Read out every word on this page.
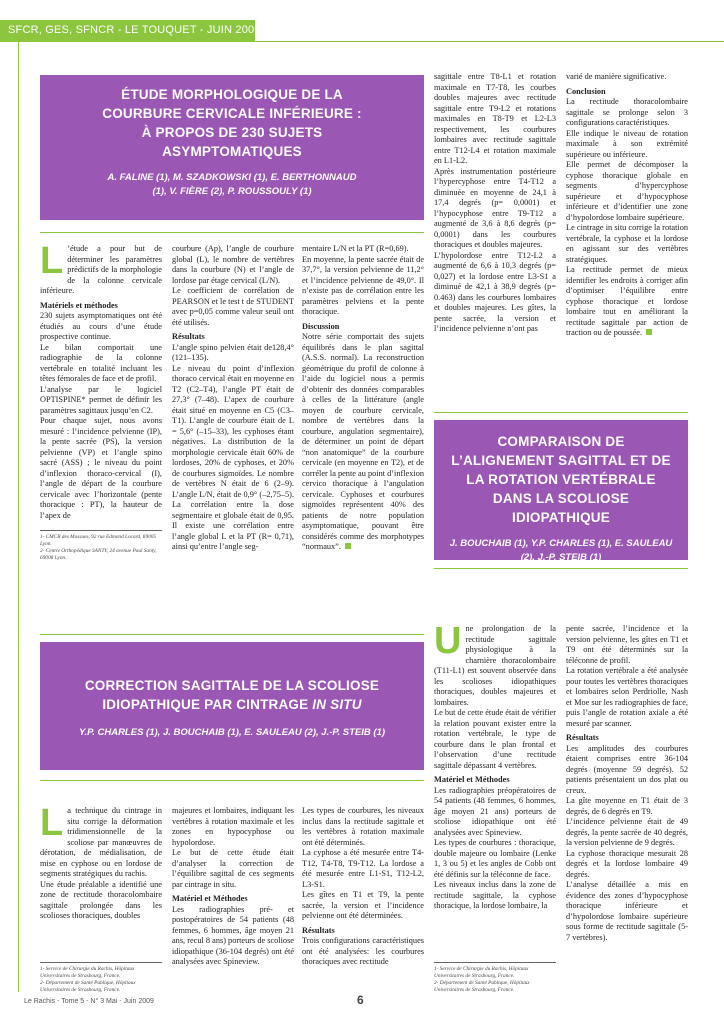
SFCR, GES, SFNCR - LE TOUQUET - JUIN 2009
ÉTUDE MORPHOLOGIQUE DE LA COURBURE CERVICALE INFÉRIEURE : À PROPOS DE 230 SUJETS ASYMPTOMATIQUES
A. FALINE (1), M. SZADKOWSKI (1), E. BERTHONNAUD (1), V. FIÈRE (2), P. ROUSSOULY (1)
L ’étude a pour but de déterminer les paramètres prédictifs de la morphologie de la colonne cervicale inférieure.

Matériels et méthodes

230 sujets asymptomatiques ont été étudiés au cours d’une étude prospective continue.

Le bilan comportait une radiographie de la colonne vertébrale en totalité incluant les têtes fémorales de face et de profil.

L’analyse par le logiciel OPTISPINE* permet de définir les paramètres sagittaux jusqu’en C2.

Pour chaque sujet, nous avons mesuré : l’incidence pelvienne (IP), la pente sacrée (PS), la version pelvienne (VP) et l’angle spino sacré (ASS) ; le niveau du point d’inflexion thoraco-cervical (I), l’angle de départ de la courbure cervicale avec l’horizontale (pente thoracique : PT), la hauteur de l’apex de

1- CMCR des Massues, 92 rue Edmond Locard, 69005 Lyon.
2- Centre Orthopédique SANTY, 24 avenue Paul Santy, 69008 Lyon.

courbure (Ap), l’angle de courbure global (L), le nombre de vertèbres dans la courbure (N) et l’angle de lordose par étage cervical (L/N).

Le coefficient de corrélation de PEARSON et le test t de STUDENT avec p=0,05 comme valeur seuil ont été utilisés.

Résultats

L’angle spino pelvien était de128,4° (121–135).

Le niveau du point d’inflexion thoraco cervical était en moyenne en T2 (C2–T4), l’angle PT était de 27,3° (7–48). L’apex de courbure était situé en moyenne en C5 (C3–T1). L’angle de courbure était de L = 5,6° (–15–33), les cyphoses étant négatives. La distribution de la morphologie cervicale était 60% de lordoses, 20% de cyphoses, et 20% de courbures sigmoïdes. Le nombre de vertèbres N était de 6 (2–9). L’angle L/N, était de 0,9° (–2,75–5). La corrélation entre la dose segmentaire et globale était de 0,95. Il existe une corrélation entre l’angle global L et la PT (R= 0,71), ainsi qu’entre l’angle seg-

mentaire L/N et la PT (R=0,69).

En moyenne, la pente sacrée était de 37,7°, la version pelvienne de 11,2° et l’incidence pelvienne de 49,0°. Il n’existe pas de corrélation entre les paramètres pelviens et la pente thoracique.

Discussion

Notre série comportait des sujets équilibrés dans le plan sagittal (A.S.S. normal). La reconstruction géométrique du profil de colonne à l’aide du logiciel nous a permis d’obtenir des données comparables à celles de la littérature (angle moyen de courbure cervicale, nombre de vertèbres dans la courbure, angulation segmentaire), de déterminer un point de départ “non anatomique” de la courbure cervicale (en moyenne en T2), et de corréler la pente au point d’inflexion cervico thoracique à l’angulation cervicale. Cyphoses et courbures sigmoïdes représentent 40% des patients de notre population asymptomatique, pouvant être considérés comme des morphotypes “normaux”.

sagittale entre T8-L1 et rotation maximale en T7-T8, les courbes doubles majeures avec rectitude sagittale entre T9-L2 et rotations maximales en T8-T9 et L2-L3 respectivement, les courbures lombaires avec rectitude sagittale entre T12-L4 et rotation maximale en L1-L2.

Après instrumentation postérieure l’hypercyphose entre T4-T12 a diminuée en moyenne de 24,1 à 17,4 degrés (p= 0,0001) et l’hypocyphose entre T9-T12 a augmenté de 3,6 à 8,6 degrés (p= 0,0001) dans les courbures thoraciques et doubles majeures.

L’hypolordose entre T12-L2 a augmenté de 6,6 à 10,3 degrés (p= 0,027) et la lordose entre L3-S1 a diminué de 42,1 à 38,9 degrés (p= 0.463) dans les courbures lombaires et doubles majeures. Les gîtes, la pente sacrée, la version et l’incidence pelvienne n’ont pas

varié de manière significative.

Conclusion

La rectitude thoracolombaire sagittale se prolonge selon 3 configurations caractéristiques.

Elle indique le niveau de rotation maximale à son extrémité supérieure ou inférieure.

Elle permet de décomposer la cyphose thoracique globale en segments d’hypercyphose supérieure et d’hypocyphose inférieure et d’identifier une zone d’hypolordose lombaire supérieure.

Le cintrage in situ corrige la rotation vertébrale, la cyphose et la lordose en agissant sur des vertèbres stratégiques.

La rectitude permet de mieux identifier les endroits à corriger afin d’optimiser l’équilibre entre cyphose thoracique et lordose lombaire tout en améliorant la rectitude sagittale par action de traction ou de poussée.

COMPARAISON DE L’ALIGNEMENT SAGITTAL ET DE LA ROTATION VERTÉBRALE DANS LA SCOLIOSE IDIOPATHIQUE
J. BOUCHAIB (1), Y.P. CHARLES (1), E. SAULEAU (2), J.-P. STEIB (1)
U ne prolongation de la rectitude sagittale physiologique à la charnière thoracolombaire (T11-L1) est souvent observée dans les scolioses idiopathiques thoraciques, doubles majeures et lombaires.

Le but de cette étude était de vérifier la relation pouvant exister entre la rotation vertébrale, le type de courbure dans le plan frontal et l’observation d’une rectitude sagittale dépassant 4 vertèbres.

Matériel et Méthodes

Les radiographies préopératoires de 54 patients (48 femmes, 6 hommes, âge moyen 21 ans) porteurs de scoliose idiopathique ont été analysées avec Spineview.

Les types de courbures : thoracique, double majeure ou lombaire (Lenke 1, 3 ou 5) et les angles de Cobb ont été définis sur la téléconne de face.

Les niveaux inclus dans la zone de rectitude sagittale, la cyphose thoracique, la lordose lombaire, la

1- Service de Chirurgie du Rachis, Hôpitaux Universitaires de Strasbourg, France.
2- Département de Santé Publique, Hôpitaux Universitaires de Strasbourg, France.

pente sacrée, l’incidence et la version pelvienne, les gîtes en T1 et T9 ont été déterminés sur la téléconne de profil.

La rotation vertébrale a été analysée pour toutes les vertèbres thoraciques et lombaires selon Perdriolle, Nash et Moe sur les radiographies de face, puis l’angle de rotation axiale a été mesuré par scanner.

Résultats

Les amplitudes des courbures étaient comprises entre 36-104 degrés (moyenne 59 degrés). 52 patients présentaient un dos plat ou creux.

La gîte moyenne en T1 était de 3 degrés, de 6 degrés en T9.

L’incidence pelvienne était de 49 degrés, la pente sacrée de 40 degrés, la version pelvienne de 9 degrés.

La cyphose thoracique mesurait 28 degrés et la lordose lombaire 49 degrés.

L’analyse détaillée a mis en évidence des zones d’hypocyphose thoracique inférieure et d’hypolordose lombaire supérieure sous forme de rectitude sagittale (5-7 vertèbres).

CORRECTION SAGITTALE DE LA SCOLIOSE IDIOPATHIQUE PAR CINTRAGE IN SITU
Y.P. CHARLES (1), J. BOUCHAIB (1), E. SAULEAU (2), J.-P. STEIB (1)
L a technique du cintrage in situ corrige la déformation tridimensionnelle de la scoliose par manœuvres de dérotation, de médialisation, de mise en cyphose ou en lordose de segments stratégiques du rachis.

Une étude préalable a identifié une zone de rectitude thoracolombaire sagittale prolongée dans les scolioses thoraciques, doubles

1- Service de Chirurgie du Rachis, Hôpitaux Universitaires de Strasbourg, France.
2- Département de Santé Publique, Hôpitaux Universitaires de Strasbourg, France.

majeures et lombaires, indiquant les vertèbres à rotation maximale et les zones en hypocyphose ou hypolordose.

Le but de cette étude était d’analyser la correction de l’équilibre sagittal de ces segments par cintrage in situ.

Matériel et Méthodes

Les radiographies pré- et postopératoires de 54 patients (48 femmes, 6 hommes, âge moyen 21 ans, recul 8 ans) porteurs de scoliose idiopathique (36-104 degrés) ont été analysées avec Spineview.

Les types de courbures, les niveaux inclus dans la rectitude sagittale et les vertèbres à rotation maximale ont été déterminés.

La cyphose a été mesurée entre T4-T12, T4-T8, T9-T12. La lordose a été mesurée entre L1-S1, T12-L2, L3-S1.

Les gîtes en T1 et T9, la pente sacrée, la version et l’incidence pelvienne ont été déterminées.

Résultats

Trois configurations caractéristiques ont été analysées: les courbures thoraciques avec rectitude

Le Rachis - Tome 5 - N° 3 Mai - Juin 2009	6
